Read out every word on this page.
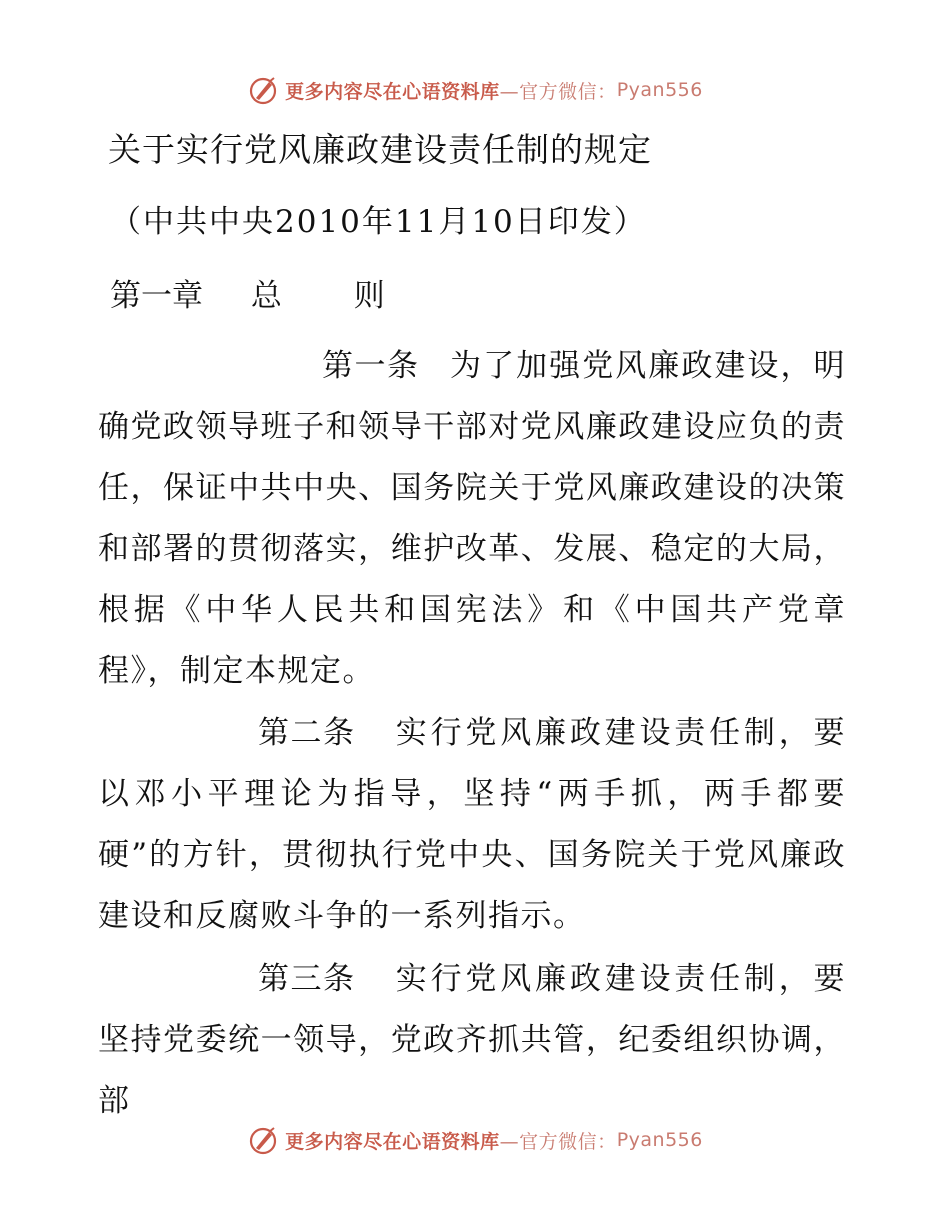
更多内容尽在心语资料库 —官方微信： Pyan556
关于实行党风廉政建设责任制的规定
（中共中央2010年11月10日印发）
第一章 总 则
第一条 为了加强党风廉政建设，明确党政领导班子和领导干部对党风廉政建设应负的责任，保证中共中央、国务院关于党风廉政建设的决策和部署的贯彻落实，维护改革、发展、稳定的大局，根据《中华人民共和国宪法》和《中国共产党章程》，制定本规定。
第二条 实行党风廉政建设责任制，要以邓小平理论为指导，坚持“两手抓，两手都要硬”的方针，贯彻执行党中央、国务院关于党风廉政建设和反腐败斗争的一系列指示。
第三条 实行党风廉政建设责任制，要坚持党委统一领导，党政齐抓共管，纪委组织协调，部
更多内容尽在心语资料库 —官方微信： Pyan556
